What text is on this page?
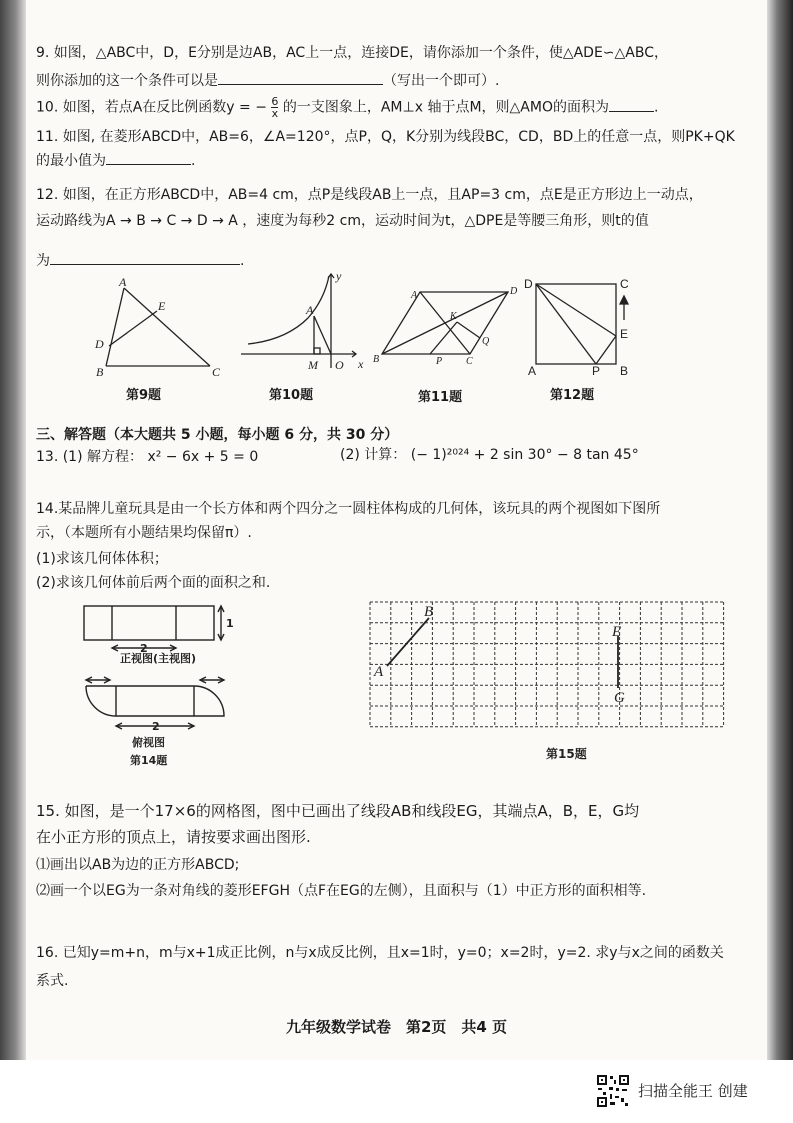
9. 如图，△ABC中，D，E分别是边AB，AC上一点，连接DE，请你添加一个条件，使△ADE∽△ABC，
则你添加的这一个条件可以是	（写出一个即可）.
10. 如图，若点A在反比例函数y = − $\frac{6}{x}$ 的一支图象上，AM⊥x 轴于点M，则△AMO的面积为	.
11. 如图, 在菱形ABCD中，AB=6，∠A=120°，点P，Q，K分别为线段BC，CD，BD上的任意一点，则PK+QK
的最小值为	.
12. 如图，在正方形ABCD中，AB=4 cm，点P是线段AB上一点，且AP=3 cm，点E是正方形边上一动点，
运动路线为A → B → C → D → A ，速度为每秒2 cm，运动时间为t，△DPE是等腰三角形，则t的值
为	.
A
B	C
D
E
第9题
A
M O x
y
第10题
A
B	C
D
K
P
Q
第11题
D	C
E
A	P B
第12题
三、解答题（本大题共 5 小题，每小题 6 分，共 30 分）
13. (1) 解方程： x² − 6x + 5 = 0	(2) 计算： (− 1)²⁰²⁴ + 2 sin 30° − 8 tan 45°
14.某品牌儿童玩具是由一个长方体和两个四分之一圆柱体构成的几何体，该玩具的两个视图如下图所
示，（本题所有小题结果均保留π）.
(1)求该几何体体积；
(2)求该几何体前后两个面的面积之和.
2
1
正视图(主视图)
2
俯视图
第14题
A
B
E
G
第15题
15. 如图，是一个17×6的网格图，图中已画出了线段AB和线段EG，其端点A，B，E，G均
在小正方形的顶点上，请按要求画出图形.
⑴画出以AB为边的正方形ABCD;
⑵画一个以EG为一条对角线的菱形EFGH（点F在EG的左侧），且面积与（1）中正方形的面积相等.
16. 已知y=m+n，m与x+1成正比例，n与x成反比例，且x=1时，y=0；x=2时，y=2. 求y与x之间的函数关
系式.
九年级数学试卷　第2页　共4 页
扫描全能王 创建
